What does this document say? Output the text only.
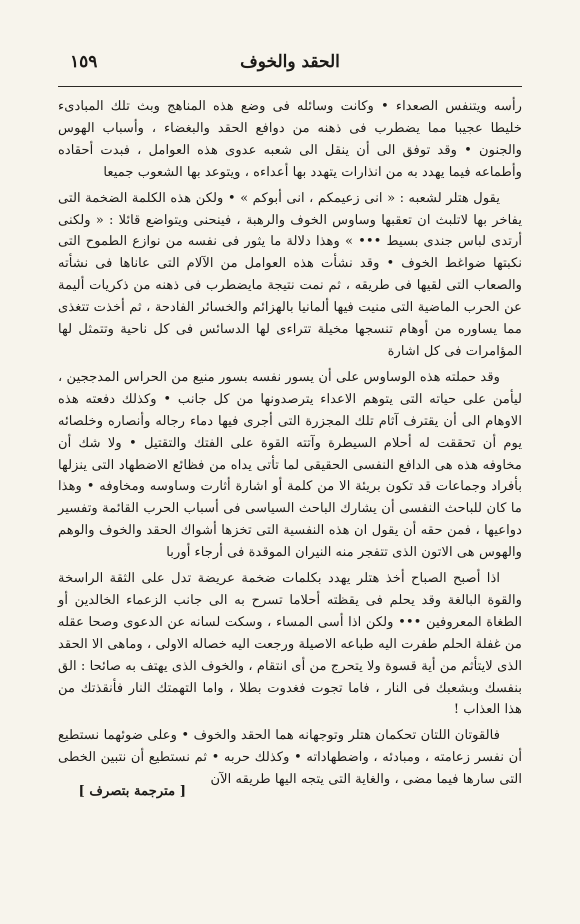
الحقد والخوف
١٥٩

رأسه ويتنفس الصعداء • وكانت وسائله فى وضع هذه المناهج وبث تلك المبادىء خليطا عجيبا مما يضطرب فى ذهنه من دوافع الحقد والبغضاء ، وأسباب الهوس والجنون • وقد توفق الى أن ينقل الى شعبه عدوى هذه العوامل ، فبدت أحقاده وأطماعه فيما يهدد به من انذارات يتهدد بها أعداءه ، ويتوعد بها الشعوب جميعا

يقول هتلر لشعبه : « انى زعيمكم ، انى أبوكم » • ولكن هذه الكلمة الضخمة التى يفاخر بها لاتلبث ان تعقبها وساوس الخوف والرهبة ، فينحنى ويتواضع قائلا : « ولكنى أرتدى لباس جندى بسيط ••• » وهذا دلالة ما يثور فى نفسه من نوازع الطموح التى نكبتها ضواغط الخوف • وقد نشأت هذه العوامل من الآلام التى عاناها فى نشأته والصعاب التى لقيها فى طريقه ، ثم نمت نتيجة مايضطرب فى ذهنه من ذكريات أليمة عن الحرب الماضية التى منيت فيها ألمانيا بالهزائم والخسائر الفادحة ، ثم أخذت تتغذى مما يساوره من أوهام تنسجها مخيلة تتراءى لها الدسائس فى كل ناحية وتتمثل لها المؤامرات فى كل اشارة

وقد حملته هذه الوساوس على أن يسور نفسه بسور منيع من الحراس المدججين ، ليأمن على حياته التى يتوهم الاعداء يترصدونها من كل جانب • وكذلك دفعته هذه الاوهام الى أن يقترف آثام تلك المجزرة التى أجرى فيها دماء رجاله وأنصاره وخلصائه يوم أن تحققت له أحلام السيطرة وآتته القوة على الفتك والتقتيل • ولا شك أن مخاوفه هذه هى الدافع النفسى الحقيقى لما تأتى يداه من فظائع الاضطهاد التى ينزلها بأفراد وجماعات قد تكون بريئة الا من كلمة أو اشارة أثارت وساوسه ومخاوفه • وهذا ما كان للباحث النفسى أن يشارك الباحث السياسى فى أسباب الحرب القائمة وتفسير دواعيها ، فمن حقه أن يقول ان هذه النفسية التى تخزها أشواك الحقد والخوف والوهم والهوس هى الاتون الذى تتفجر منه النيران الموقدة فى أرجاء أوربا

اذا أصبح الصباح أخذ هتلر يهدد بكلمات ضخمة عريضة تدل على الثقة الراسخة والقوة البالغة وقد يحلم فى يقظته أحلاما تسرح به الى جانب الزعماء الخالدين أو الطغاة المعروفين ••• ولكن اذا أسى المساء ، وسكت لسانه عن الدعوى وصحا عقله من غفلة الحلم طفرت اليه طباعه الاصيلة ورجعت اليه خصاله الاولى ، وماهى الا الحقد الذى لايتأثم من أية قسوة ولا يتحرج من أى انتقام ، والخوف الذى يهتف به صائحا : الق بنفسك وبشعبك فى النار ، فاما تجوت فغدوت بطلا ، واما التهمتك النار فأنقذتك من هذا العذاب !

فالقوتان اللتان تحكمان هتلر وتوجهانه هما الحقد والخوف • وعلى ضوئهما نستطيع أن نفسر زعامته ، ومبادئه ، واضطهاداته • وكذلك حربه • ثم نستطيع أن نتبين الخطى التى سارها فيما مضى ، والغاية التى يتجه اليها طريقه الآن

[ مترجمة بتصرف ]
